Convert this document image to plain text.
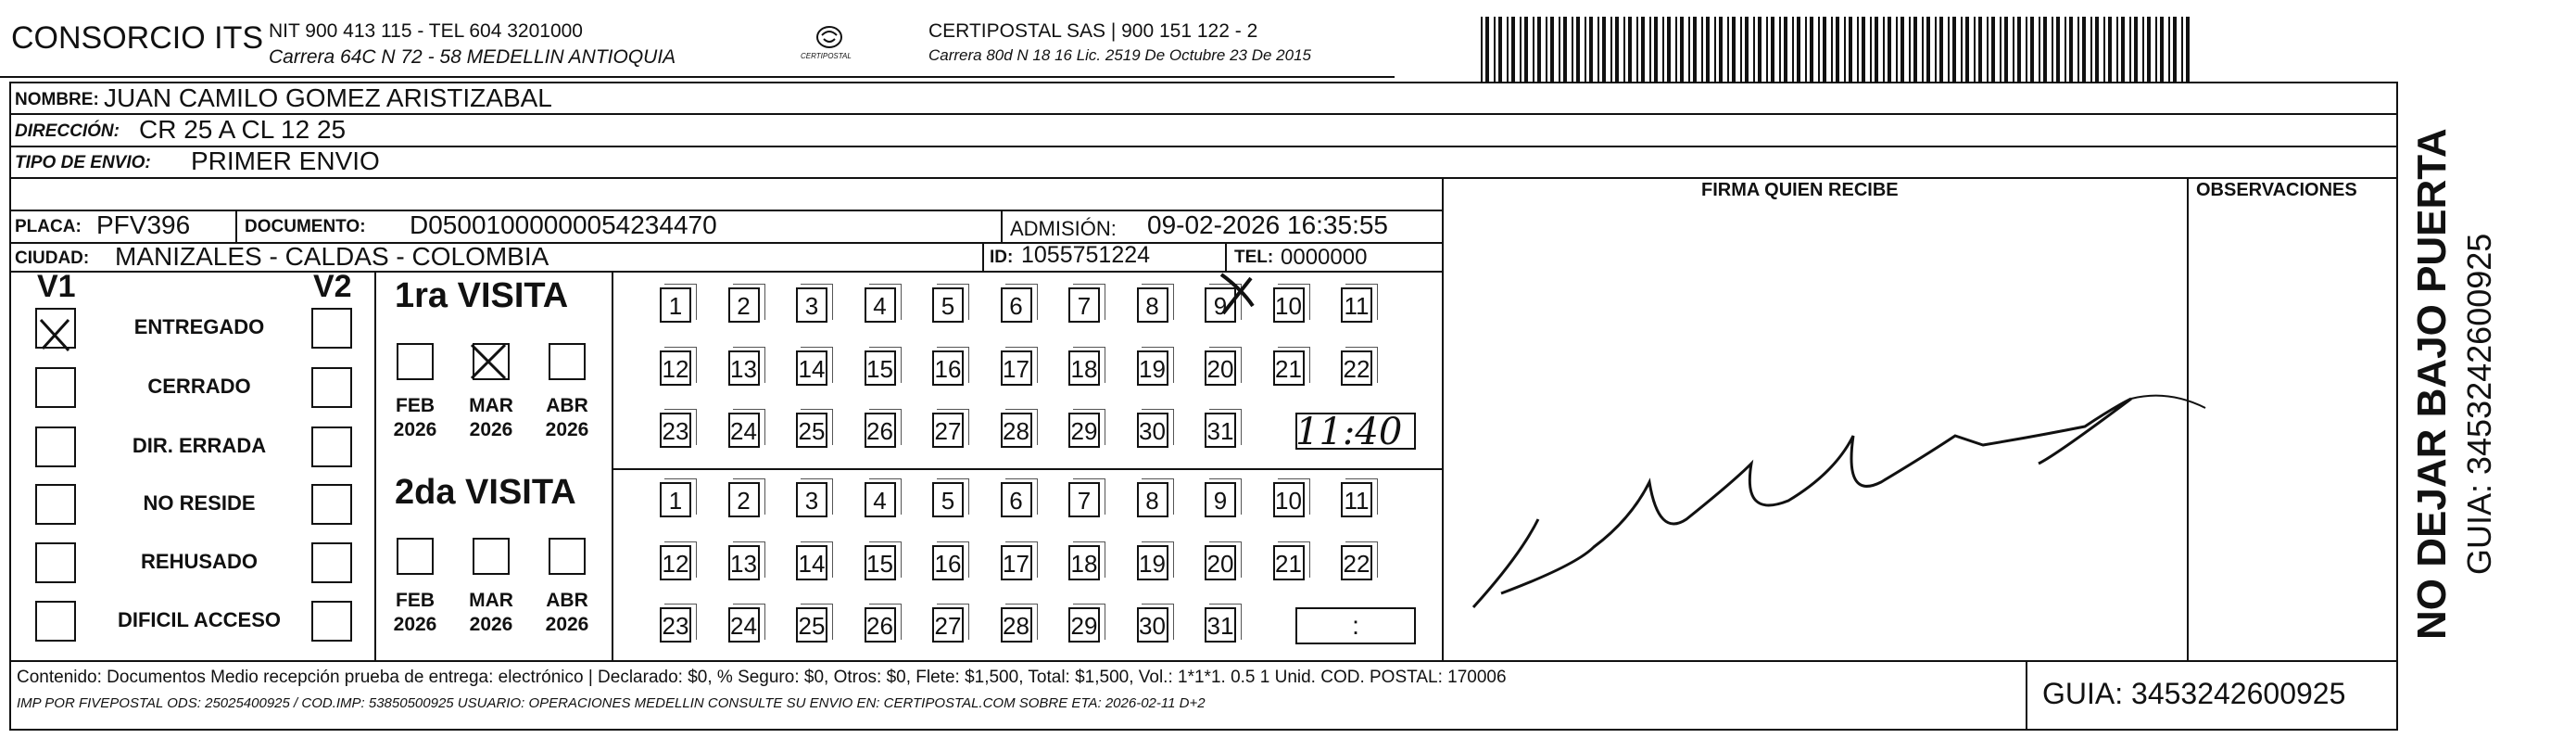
CONSORCIO ITS NIT 900 413 115 - TEL 604 3201000
Carrera 64C N 72 - 58 MEDELLIN ANTIOQUIA	CERTIPOSTAL
CERTIPOSTAL SAS | 900 151 122 - 2
Carrera 80d N 18 16 Lic. 2519 De Octubre 23 De 2015
NOMBRE: JUAN CAMILO GOMEZ ARISTIZABAL
DIRECCIÓN: CR 25 A CL 12 25
TIPO DE ENVIO: PRIMER ENVIO
FIRMA QUIEN RECIBE	OBSERVACIONES
PLACA: PFV396	DOCUMENTO: D05001000000054234470	ADMISIÓN: 09-02-2026 16:35:55
CIUDAD: MANIZALES - CALDAS - COLOMBIA	ID: 1055751224	TEL: 0000000
V1	V2
ENTREGADO
CERRADO
DIR. ERRADA
NO RESIDE
REHUSADO
DIFICIL ACCESO
1ra VISITA
2da VISITA
FEB
2026
MAR
2026
ABR
2026
FEB
2026
MAR
2026
ABR
2026
1	2	3	4	5	6	7	8	9	10 11
12 13 14 15 16 17 18 19 20 21 22
23 24 25 26 27 28 29 30 31
1	2	3	4	5	6	7	8	9	10 11
12 13 14 15 16 17 18 19 20 21 22
23 24 25 26 27 28 29 30 31	:
11:40
Contenido: Documentos Medio recepción prueba de entrega: electrónico | Declarado: $0, % Seguro: $0, Otros: $0, Flete: $1,500, Total: $1,500, Vol.: 1*1*1. 0.5 1 Unid. COD. POSTAL: 170006
IMP POR FIVEPOSTAL ODS: 25025400925 / COD.IMP: 53850500925 USUARIO: OPERACIONES MEDELLIN CONSULTE SU ENVIO EN: CERTIPOSTAL.COM SOBRE ETA: 2026-02-11 D+2	GUIA: 3453242600925
NO DEJAR BAJO PUERTA GUIA: 3453242600925
